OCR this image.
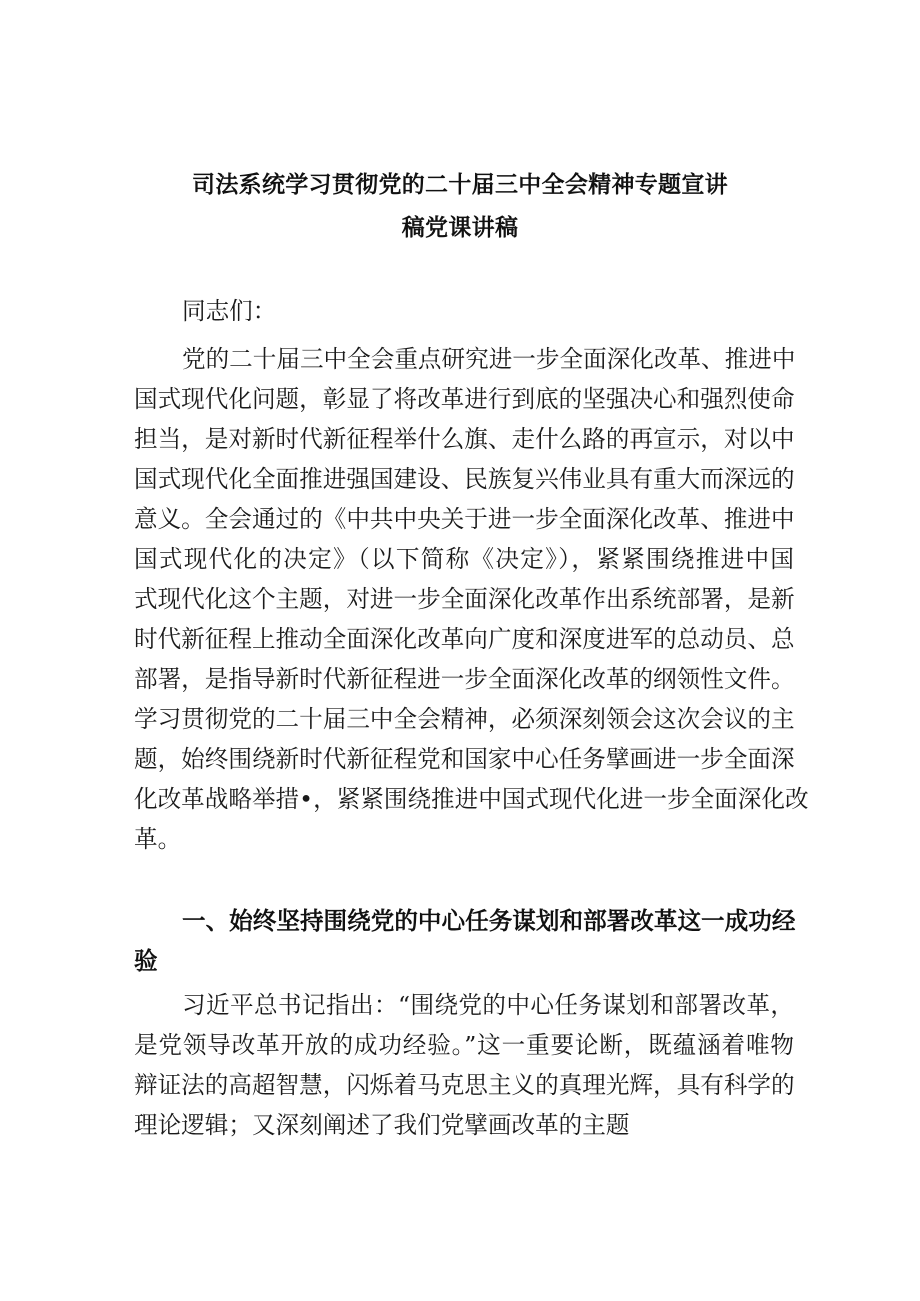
司法系统学习贯彻党的二十届三中全会精神专题宣讲
稿党课讲稿
同志们：
党的二十届三中全会重点研究进一步全面深化改革、推进中
国式现代化问题，彰显了将改革进行到底的坚强决心和强烈使命
担当，是对新时代新征程举什么旗、走什么路的再宣示，对以中
国式现代化全面推进强国建设、民族复兴伟业具有重大而深远的
意义。全会通过的《中共中央关于进一步全面深化改革、推进中
国式现代化的决定》（以下简称《决定》），紧紧围绕推进中国
式现代化这个主题，对进一步全面深化改革作出系统部署，是新
时代新征程上推动全面深化改革向广度和深度进军的总动员、总
部署，是指导新时代新征程进一步全面深化改革的纲领性文件。
学习贯彻党的二十届三中全会精神，必须深刻领会这次会议的主
题，始终围绕新时代新征程党和国家中心任务擘画进一步全面深
化改革战略举措•，紧紧围绕推进中国式现代化进一步全面深化改
革。
一、始终坚持围绕党的中心任务谋划和部署改革这一成功经
验
习近平总书记指出：“围绕党的中心任务谋划和部署改革，
是党领导改革开放的成功经验。”这一重要论断，既蕴涵着唯物
辩证法的高超智慧，闪烁着马克思主义的真理光辉，具有科学的
理论逻辑；又深刻阐述了我们党擘画改革的主题
